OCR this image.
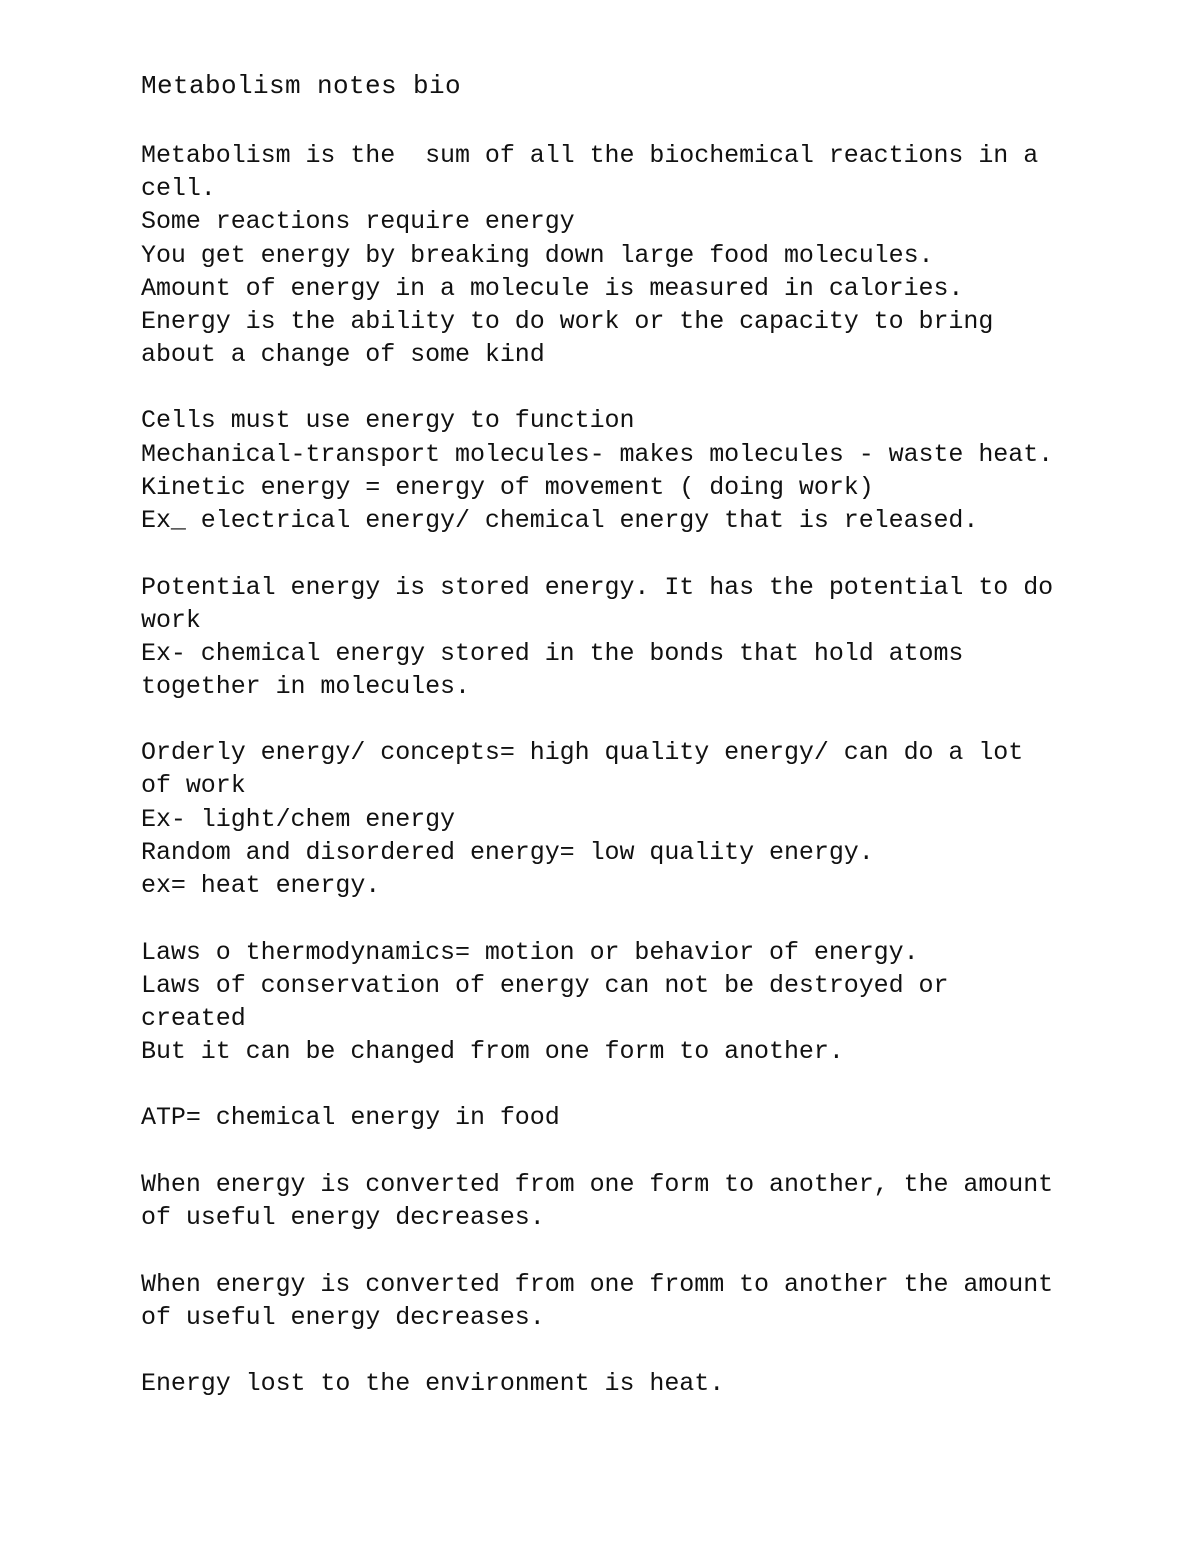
Metabolism notes bio

Metabolism is the  sum of all the biochemical reactions in a

cell.

Some reactions require energy

You get energy by breaking down large food molecules.

Amount of energy in a molecule is measured in calories.

Energy is the ability to do work or the capacity to bring

about a change of some kind

Cells must use energy to function

Mechanical-transport molecules- makes molecules - waste heat.

Kinetic energy = energy of movement ( doing work)

Ex_ electrical energy/ chemical energy that is released.

Potential energy is stored energy. It has the potential to do

work

Ex- chemical energy stored in the bonds that hold atoms

together in molecules.

Orderly energy/ concepts= high quality energy/ can do a lot

of work

Ex- light/chem energy

Random and disordered energy= low quality energy.

ex= heat energy.

Laws o thermodynamics= motion or behavior of energy.

Laws of conservation of energy can not be destroyed or

created

But it can be changed from one form to another.

ATP= chemical energy in food

When energy is converted from one form to another, the amount

of useful energy decreases.

When energy is converted from one fromm to another the amount

of useful energy decreases.

Energy lost to the environment is heat.
